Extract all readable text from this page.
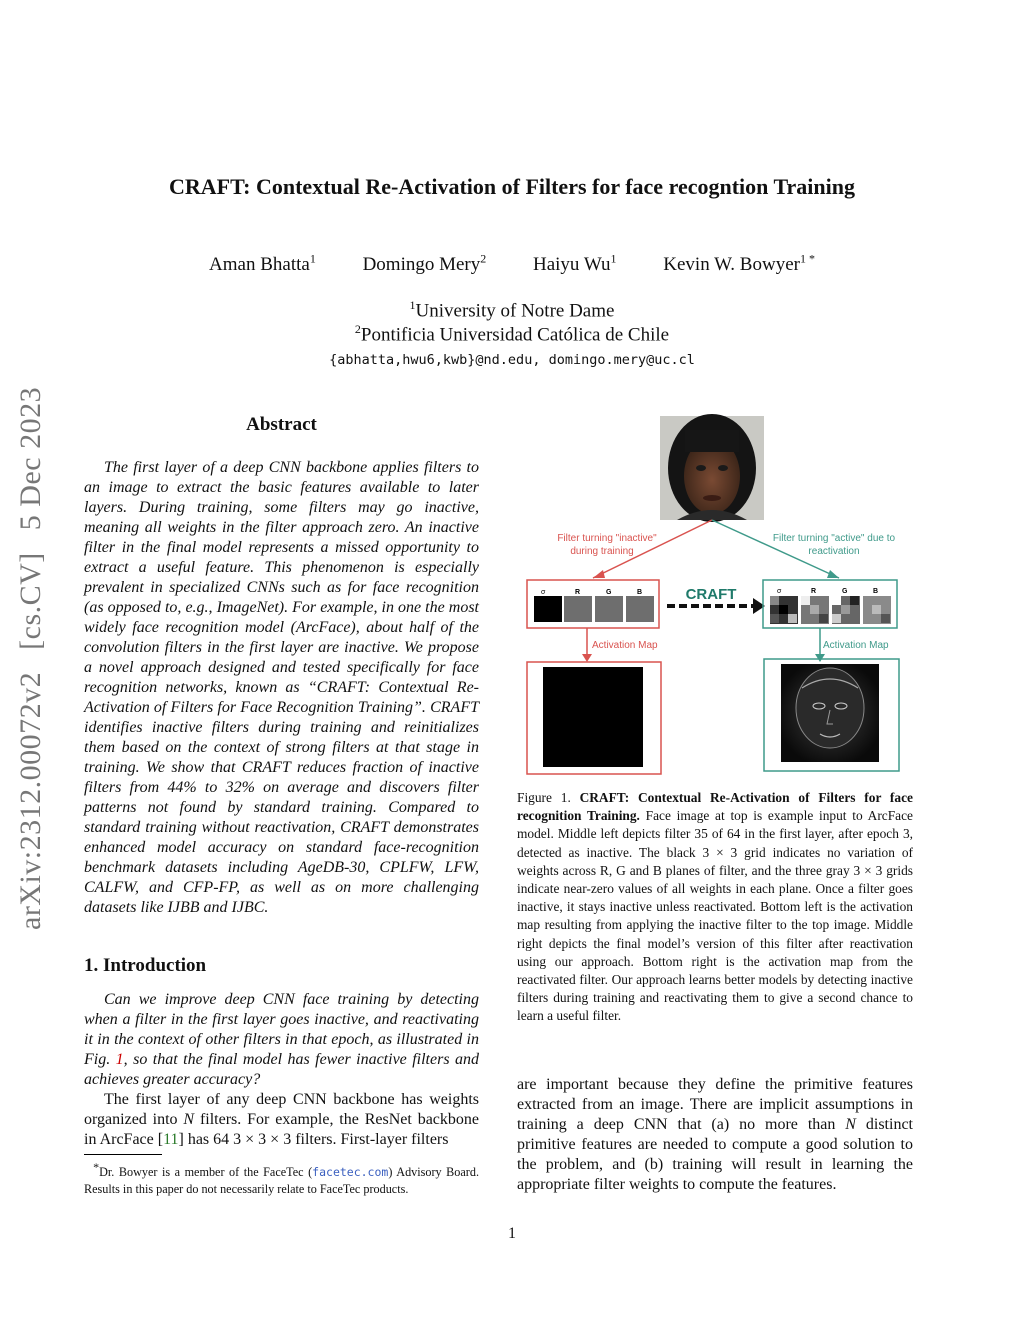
arXiv:2312.00072v2[cs.CV]5 Dec 2023
CRAFT: Contextual Re-Activation of Filters for face recogntion Training
Aman Bhatta$^1$ Domingo Mery$^2$ Haiyu Wu$^1$ Kevin W. Bowyer$^{1 *}$
$^1$University of Notre Dame
$^2$Pontificia Universidad Católica de Chile
{abhatta,hwu6,kwb}@nd.edu, domingo.mery@uc.cl
Abstract

The first layer of a deep CNN backbone applies filters to an image to extract the basic features available to later layers. During training, some filters may go inactive, meaning all weights in the filter approach zero. An inactive filter in the final model represents a missed opportunity to extract a useful feature. This phenomenon is especially prevalent in specialized CNNs such as for face recognition (as opposed to, e.g., ImageNet). For example, in one the most widely face recognition model (ArcFace), about half of the convolution filters in the first layer are inactive. We propose a novel approach designed and tested specifically for face recognition networks, known as “CRAFT: Contextual Re-Activation of Filters for Face Recognition Training”. CRAFT identifies inactive filters during training and reinitializes them based on the context of strong filters at that stage in training. We show that CRAFT reduces fraction of inactive filters from 44% to 32% on average and discovers filter patterns not found by standard training. Compared to standard training without reactivation, CRAFT demonstrates enhanced model accuracy on standard face-recognition benchmark datasets including AgeDB-30, CPLFW, LFW, CALFW, and CFP-FP, as well as on more challenging datasets like IJBB and IJBC.

1. Introduction

Can we improve deep CNN face training by detecting when a filter in the first layer goes inactive, and reactivating it in the context of other filters in that epoch, as illustrated in Fig. 1, so that the final model has fewer inactive filters and achieves greater accuracy?

The first layer of any deep CNN backbone has weights organized into N filters. For example, the ResNet backbone in ArcFace [11] has 64 3 × 3 × 3 filters. First-layer filters

*Dr. Bowyer is a member of the FaceTec (facetec.com) Advisory Board. Results in this paper do not necessarily relate to FaceTec products.
Filter turning "inactive"
during training
Filter turning "active" due to
reactivation
σ	R	G	B	CRAFT	σ	R	G	B
Activation Map	Activation Map
Figure 1. CRAFT: Contextual Re-Activation of Filters for face recognition Training. Face image at top is example input to ArcFace model. Middle left depicts filter 35 of 64 in the first layer, after epoch 3, detected as inactive. The black 3 × 3 grid indicates no variation of weights across R, G and B planes of filter, and the three gray 3 × 3 grids indicate near-zero values of all weights in each plane. Once a filter goes inactive, it stays inactive unless reactivated. Bottom left is the activation map resulting from applying the inactive filter to the top image. Middle right depicts the final model’s version of this filter after reactivation using our approach. Bottom right is the activation map from the reactivated filter. Our approach learns better models by detecting inactive filters during training and reactivating them to give a second chance to learn a useful filter.
are important because they define the primitive features extracted from an image. There are implicit assumptions in training a deep CNN that (a) no more than N distinct primitive features are needed to compute a good solution to the problem, and (b) training will result in learning the appropriate filter weights to compute the features.
1
